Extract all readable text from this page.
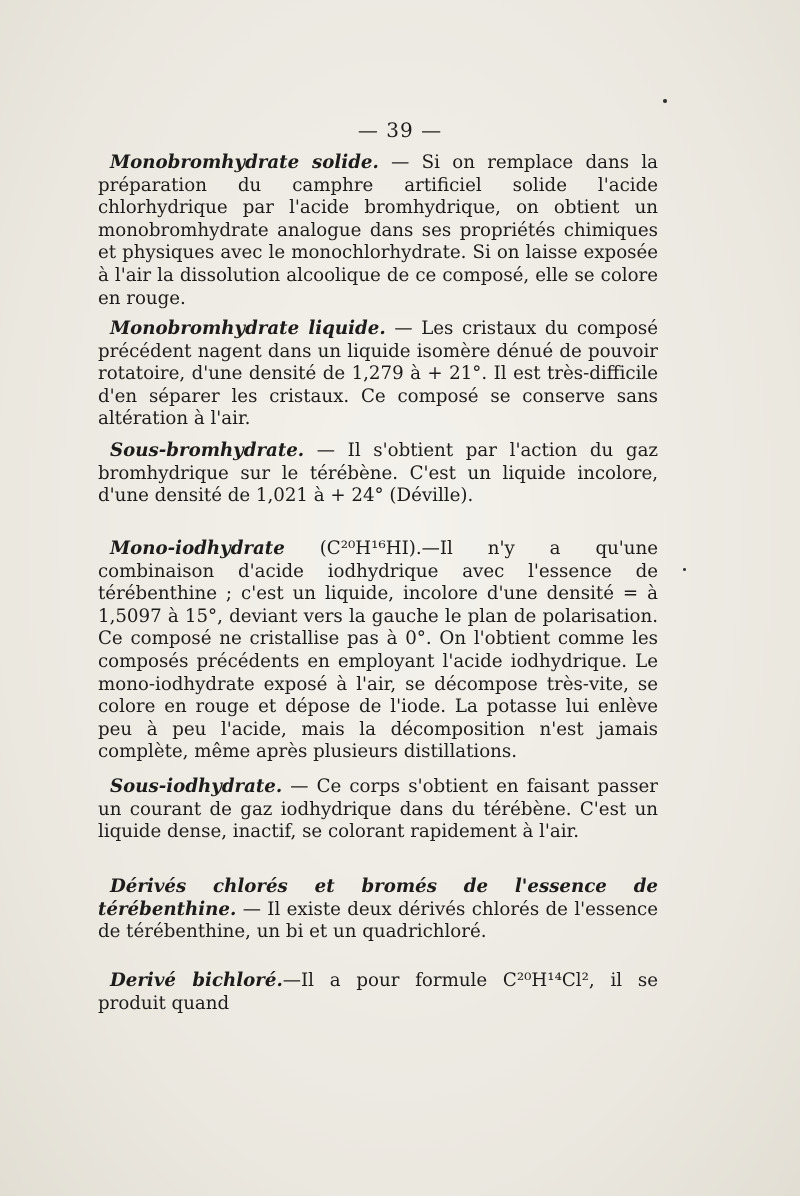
— 39 —

Monobromhydrate solide. — Si on remplace dans la préparation du camphre artificiel solide l'acide chlorhydrique par l'acide bromhydrique, on obtient un monobromhydrate analogue dans ses propriétés chimiques et physiques avec le monochlorhydrate. Si on laisse exposée à l'air la dissolution alcoolique de ce composé, elle se colore en rouge.

Monobromhydrate liquide. — Les cristaux du composé précédent nagent dans un liquide isomère dénué de pouvoir rotatoire, d'une densité de 1,279 à + 21°. Il est très-difficile d'en séparer les cristaux. Ce composé se conserve sans altération à l'air.

Sous-bromhydrate. — Il s'obtient par l'action du gaz bromhydrique sur le térébène. C'est un liquide incolore, d'une densité de 1,021 à + 24° (Déville).

Mono-iodhydrate (C²⁰H¹⁶HI).—Il n'y a qu'une combinaison d'acide iodhydrique avec l'essence de térébenthine ; c'est un liquide, incolore d'une densité = à 1,5097 à 15°, deviant vers la gauche le plan de polarisation. Ce composé ne cristallise pas à 0°. On l'obtient comme les composés précédents en employant l'acide iodhydrique. Le mono-iodhydrate exposé à l'air, se décompose très-vite, se colore en rouge et dépose de l'iode. La potasse lui enlève peu à peu l'acide, mais la décomposition n'est jamais complète, même après plusieurs distillations.

Sous-iodhydrate. — Ce corps s'obtient en faisant passer un courant de gaz iodhydrique dans du térébène. C'est un liquide dense, inactif, se colorant rapidement à l'air.

Dérivés chlorés et bromés de l'essence de térébenthine. — Il existe deux dérivés chlorés de l'essence de térébenthine, un bi et un quadrichloré.

Derivé bichloré.—Il a pour formule C²⁰H¹⁴Cl², il se produit quand
